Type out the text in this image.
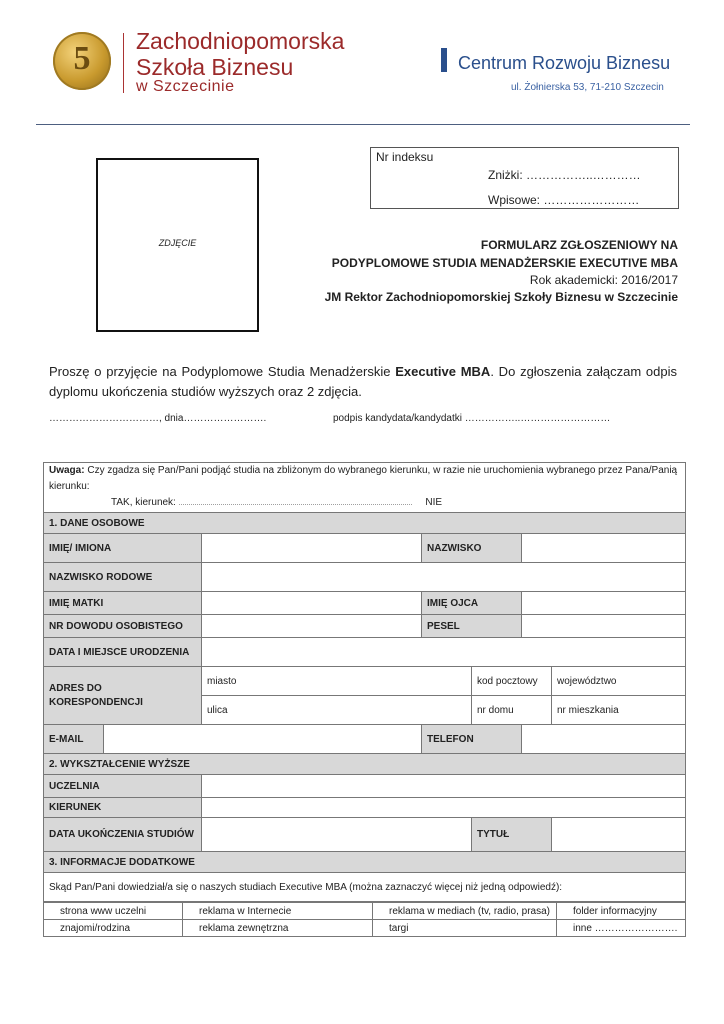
5	Zachodniopomorska
Szkoła Biznesu
w Szczecinie
Centrum Rozwoju Biznesu
ul. Żołnierska 53, 71-210 Szczecin
ZDJĘCIE
Nr indeksu
Zniżki: ……………..…………
Wpisowe: ……………………
FORMULARZ ZGŁOSZENIOWY NA
PODYPLOMOWE STUDIA MENADŻERSKIE EXECUTIVE MBA
Rok akademicki: 2016/2017
JM Rektor Zachodniopomorskiej Szkoły Biznesu w Szczecinie
Proszę o przyjęcie na Podyplomowe Studia Menadżerskie Executive MBA. Do zgłoszenia załączam odpis dyplomu ukończenia studiów wyższych oraz 2 zdjęcia.
……………………………, dnia…………………….	podpis kandydata/kandydatki ……………..………………………
Uwaga: Czy zgadza się Pan/Pani podjąć studia na zbliżonym do wybranego kierunku, w razie nie uruchomienia wybranego przez Pana/Panią kierunku:
TAK, kierunek: ……………………………………………………………………………………………………… NIE						
1. DANE OSOBOWE						
IMIĘ/ IMIONA			NAZWISKO			
NAZWISKO RODOWE						
IMIĘ MATKI			IMIĘ OJCA			
NR DOWODU OSOBISTEGO			PESEL			
DATA I MIEJSCE URODZENIA						
ADRES DO KORESPONDENCJI		miasto		kod pocztowy		województwo
		ulica		nr domu		nr mieszkania
E-MAIL			TELEFON			
2. WYKSZTAŁCENIE WYŻSZE						
UCZELNIA						
KIERUNEK						
DATA UKOŃCZENIA STUDIÓW				TYTUŁ		
3. INFORMACJE DODATKOWE						
Skąd Pan/Pani dowiedział/a się o naszych studiach Executive MBA (można zaznaczyć więcej niż jedną odpowiedź):						
strona www uczelni	reklama w Internecie	reklama w mediach (tv, radio, prasa)	folder informacyjny
znajomi/rodzina	reklama zewnętrzna	targi	inne …………………….
